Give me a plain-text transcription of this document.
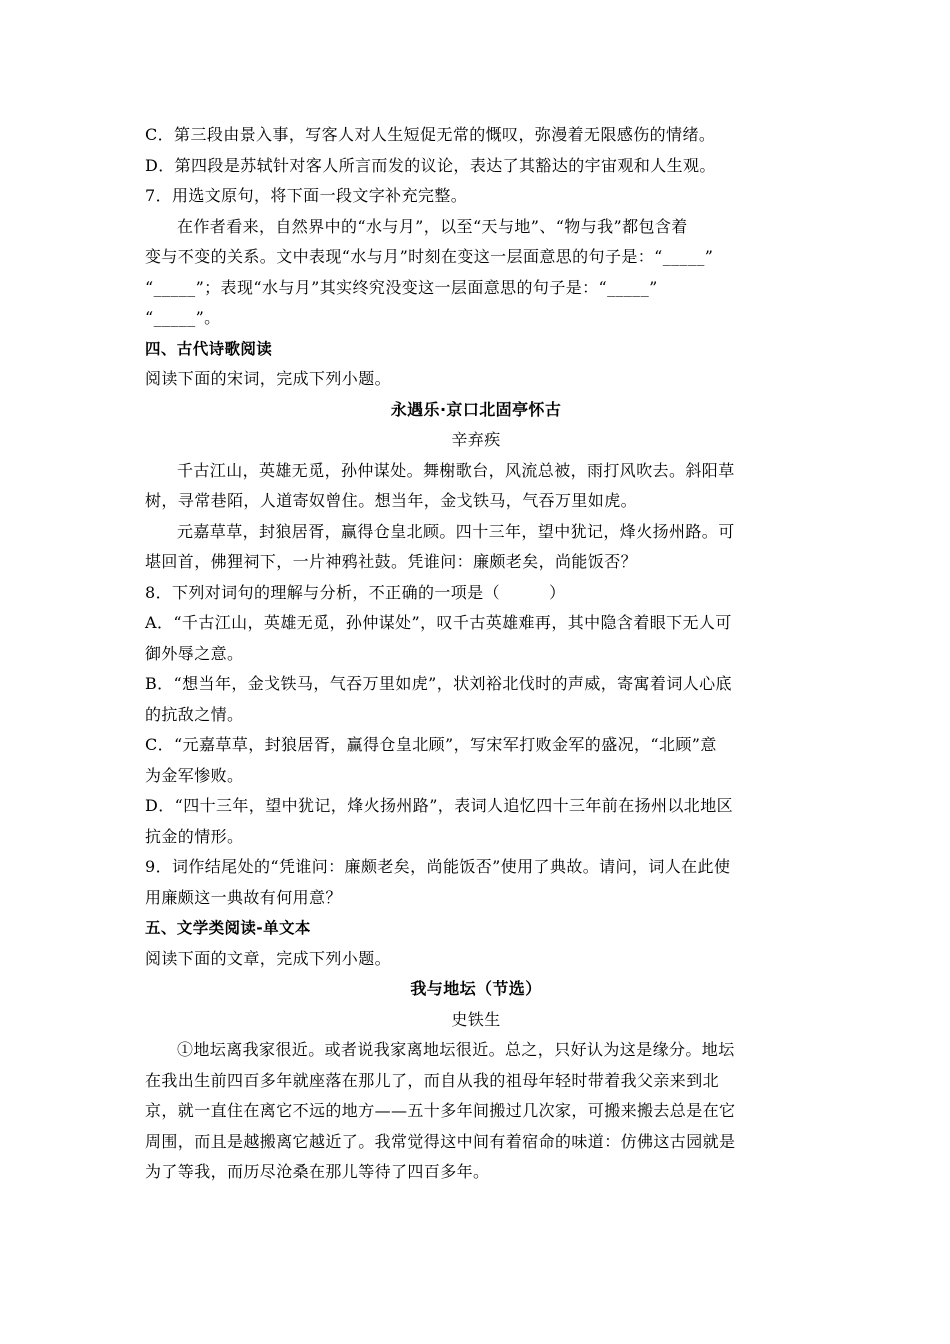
C．第三段由景入事，写客人对人生短促无常的慨叹，弥漫着无限感伤的情绪。
D．第四段是苏轼针对客人所言而发的议论，表达了其豁达的宇宙观和人生观。
7．用选文原句，将下面一段文字补充完整。
在作者看来，自然界中的“水与月”，以至“天与地”、“物与我”都包含着
变与不变的关系。文中表现“水与月”时刻在变这一层面意思的句子是：“_____”
“_____”；表现“水与月”其实终究没变这一层面意思的句子是：“_____”
“_____”。
四、古代诗歌阅读
阅读下面的宋词，完成下列小题。
永遇乐·京口北固亭怀古
辛弃疾
千古江山，英雄无觅，孙仲谋处。舞榭歌台，风流总被，雨打风吹去。斜阳草
树，寻常巷陌，人道寄奴曾住。想当年，金戈铁马，气吞万里如虎。
元嘉草草，封狼居胥，赢得仓皇北顾。四十三年，望中犹记，烽火扬州路。可
堪回首，佛狸祠下，一片神鸦社鼓。凭谁问：廉颇老矣，尚能饭否？
8．下列对词句的理解与分析，不正确的一项是（　　　）
A．“千古江山，英雄无觅，孙仲谋处”，叹千古英雄难再，其中隐含着眼下无人可
御外辱之意。
B．“想当年，金戈铁马，气吞万里如虎”，状刘裕北伐时的声威，寄寓着词人心底
的抗敌之情。
C．“元嘉草草，封狼居胥，赢得仓皇北顾”，写宋军打败金军的盛况，“北顾”意
为金军惨败。
D．“四十三年，望中犹记，烽火扬州路”，表词人追忆四十三年前在扬州以北地区
抗金的情形。
9．词作结尾处的“凭谁问：廉颇老矣，尚能饭否”使用了典故。请问，词人在此使
用廉颇这一典故有何用意？
五、文学类阅读-单文本
阅读下面的文章，完成下列小题。
我与地坛（节选）
史铁生
①地坛离我家很近。或者说我家离地坛很近。总之，只好认为这是缘分。地坛
在我出生前四百多年就座落在那儿了，而自从我的祖母年轻时带着我父亲来到北
京，就一直住在离它不远的地方——五十多年间搬过几次家，可搬来搬去总是在它
周围，而且是越搬离它越近了。我常觉得这中间有着宿命的味道：仿佛这古园就是
为了等我，而历尽沧桑在那儿等待了四百多年。
